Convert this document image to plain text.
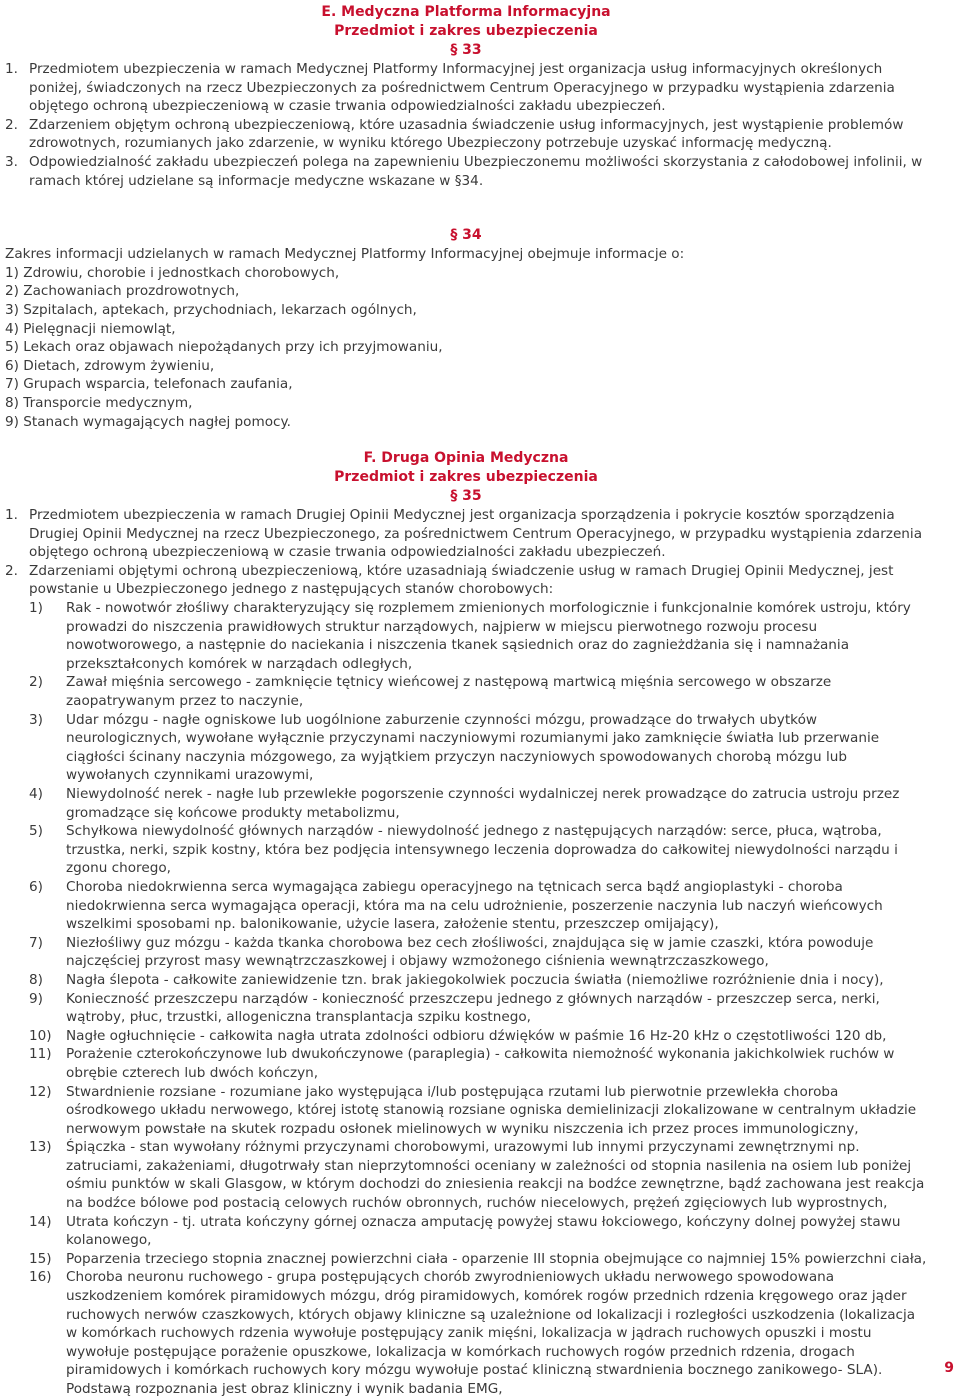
E. Medyczna Platforma Informacyjna
Przedmiot i zakres ubezpieczenia
§ 33
1. Przedmiotem ubezpieczenia w ramach Medycznej Platformy Informacyjnej jest organizacja usług informacyjnych określonych poniżej, świadczonych na rzecz Ubezpieczonych za pośrednictwem Centrum Operacyjnego w przypadku wystąpienia zdarzenia objętego ochroną ubezpieczeniową w czasie trwania odpowiedzialności zakładu ubezpieczeń.
2. Zdarzeniem objętym ochroną ubezpieczeniową, które uzasadnia świadczenie usług informacyjnych, jest wystąpienie problemów zdrowotnych, rozumianych jako zdarzenie, w wyniku którego Ubezpieczony potrzebuje uzyskać informację medyczną.
3. Odpowiedzialność zakładu ubezpieczeń polega na zapewnieniu Ubezpieczonemu możliwości skorzystania z całodobowej infolinii, w ramach której udzielane są informacje medyczne wskazane w §34.
§ 34

Zakres informacji udzielanych w ramach Medycznej Platformy Informacyjnej obejmuje informacje o:

1) Zdrowiu, chorobie i jednostkach chorobowych,

2) Zachowaniach prozdrowotnych,

3) Szpitalach, aptekach, przychodniach, lekarzach ogólnych,

4) Pielęgnacji niemowląt,

5) Lekach oraz objawach niepożądanych przy ich przyjmowaniu,

6) Dietach, zdrowym żywieniu,

7) Grupach wsparcia, telefonach zaufania,

8) Transporcie medycznym,

9) Stanach wymagających nagłej pomocy.

F. Druga Opinia Medyczna
Przedmiot i zakres ubezpieczenia
§ 35
1. Przedmiotem ubezpieczenia w ramach Drugiej Opinii Medycznej jest organizacja sporządzenia i pokrycie kosztów sporządzenia Drugiej Opinii Medycznej na rzecz Ubezpieczonego, za pośrednictwem Centrum Operacyjnego, w przypadku wystąpienia zdarzenia objętego ochroną ubezpieczeniową w czasie trwania odpowiedzialności zakładu ubezpieczeń.
2. Zdarzeniami objętymi ochroną ubezpieczeniową, które uzasadniają świadczenie usług w ramach Drugiej Opinii Medycznej, jest powstanie u Ubezpieczonego jednego z następujących stanów chorobowych:
1)	Rak - nowotwór złośliwy charakteryzujący się rozplemem zmienionych morfologicznie i funkcjonalnie komórek ustroju, który prowadzi do niszczenia prawidłowych struktur narządowych, najpierw w miejscu pierwotnego rozwoju procesu nowotworowego, a następnie do naciekania i niszczenia tkanek sąsiednich oraz do zagnieżdżania się i namnażania przekształconych komórek w narządach odległych,
2)	Zawał mięśnia sercowego - zamknięcie tętnicy wieńcowej z następową martwicą mięśnia sercowego w obszarze zaopatrywanym przez to naczynie,
3)	Udar mózgu - nagłe ogniskowe lub uogólnione zaburzenie czynności mózgu, prowadzące do trwałych ubytków neurologicznych, wywołane wyłącznie przyczynami naczyniowymi rozumianymi jako zamknięcie światła lub przerwanie ciągłości ścinany naczynia mózgowego, za wyjątkiem przyczyn naczyniowych spowodowanych chorobą mózgu lub wywołanych czynnikami urazowymi,
4)	Niewydolność nerek - nagłe lub przewlekłe pogorszenie czynności wydalniczej nerek prowadzące do zatrucia ustroju przez gromadzące się końcowe produkty metabolizmu,
5)	Schyłkowa niewydolność głównych narządów - niewydolność jednego z następujących narządów: serce, płuca, wątroba, trzustka, nerki, szpik kostny, która bez podjęcia intensywnego leczenia doprowadza do całkowitej niewydolności narządu i zgonu chorego,
6)	Choroba niedokrwienna serca wymagająca zabiegu operacyjnego na tętnicach serca bądź angioplastyki - choroba niedokrwienna serca wymagająca operacji, która ma na celu udrożnienie, poszerzenie naczynia lub naczyń wieńcowych wszelkimi sposobami np. balonikowanie, użycie lasera, założenie stentu, przeszczep omijający),
7)	Niezłośliwy guz mózgu - każda tkanka chorobowa bez cech złośliwości, znajdująca się w jamie czaszki, która powoduje najczęściej przyrost masy wewnątrzczaszkowej i objawy wzmożonego ciśnienia wewnątrzczaszkowego,
8)	Nagła ślepota - całkowite zaniewidzenie tzn. brak jakiegokolwiek poczucia światła (niemożliwe rozróżnienie dnia i nocy),
9)	Konieczność przeszczepu narządów - konieczność przeszczepu jednego z głównych narządów - przeszczep serca, nerki, wątroby, płuc, trzustki, allogeniczna transplantacja szpiku kostnego,
10)	Nagłe ogłuchnięcie - całkowita nagła utrata zdolności odbioru dźwięków w paśmie 16 Hz-20 kHz o częstotliwości 120 db,
11)	Porażenie czterokończynowe lub dwukończynowe (paraplegia) - całkowita niemożność wykonania jakichkolwiek ruchów w obrębie czterech lub dwóch kończyn,
12)	Stwardnienie rozsiane - rozumiane jako występująca i/lub postępująca rzutami lub pierwotnie przewlekła choroba ośrodkowego układu nerwowego, której istotę stanowią rozsiane ogniska demielinizacji zlokalizowane w centralnym układzie nerwowym powstałe na skutek rozpadu osłonek mielinowych w wyniku niszczenia ich przez proces immunologiczny,
13)	Śpiączka - stan wywołany różnymi przyczynami chorobowymi, urazowymi lub innymi przyczynami zewnętrznymi np. zatruciami, zakażeniami, długotrwały stan nieprzytomności oceniany w zależności od stopnia nasilenia na osiem lub poniżej ośmiu punktów w skali Glasgow, w którym dochodzi do zniesienia reakcji na bodźce zewnętrzne, bądź zachowana jest reakcja na bodźce bólowe pod postacią celowych ruchów obronnych, ruchów niecelowych, prężeń zgięciowych lub wyprostnych,
14)	Utrata kończyn - tj. utrata kończyny górnej oznacza amputację powyżej stawu łokciowego, kończyny dolnej powyżej stawu kolanowego,
15)	Poparzenia trzeciego stopnia znacznej powierzchni ciała - oparzenie III stopnia obejmujące co najmniej 15% powierzchni ciała,
16)	Choroba neuronu ruchowego - grupa postępujących chorób zwyrodnieniowych układu nerwowego spowodowana uszkodzeniem komórek piramidowych mózgu, dróg piramidowych, komórek rogów przednich rdzenia kręgowego oraz jąder ruchowych nerwów czaszkowych, których objawy kliniczne są uzależnione od lokalizacji i rozległości uszkodzenia (lokalizacja w komórkach ruchowych rdzenia wywołuje postępujący zanik mięśni, lokalizacja w jądrach ruchowych opuszki i mostu wywołuje postępujące porażenie opuszkowe, lokalizacja w komórkach ruchowych rogów przednich rdzenia, drogach piramidowych i komórkach ruchowych kory mózgu wywołuje postać kliniczną stwardnienia bocznego zanikowego- SLA). Podstawą rozpoznania jest obraz kliniczny i wynik badania EMG,
9
